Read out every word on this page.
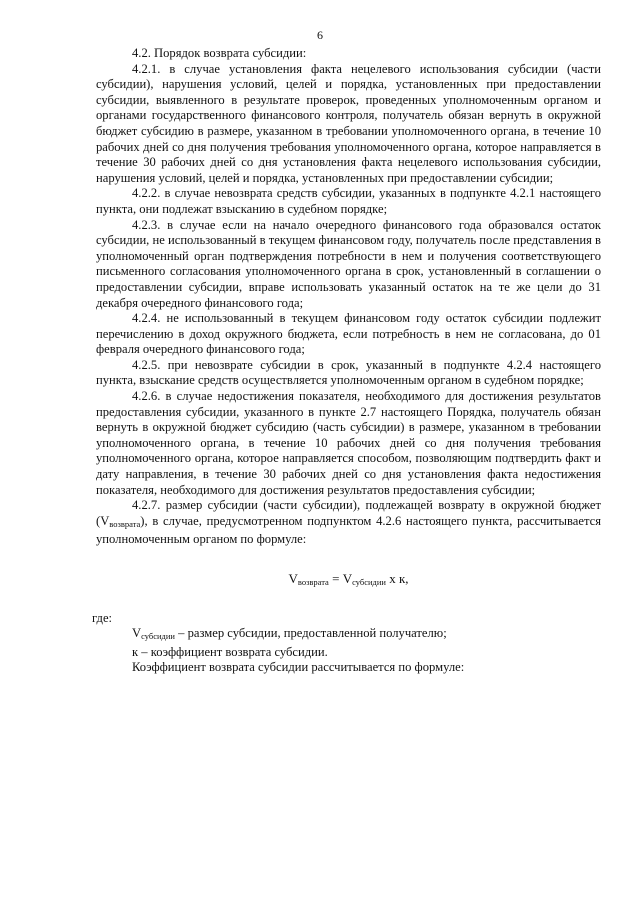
6

4.2. Порядок возврата субсидии:

4.2.1. в случае установления факта нецелевого использования субсидии (части субсидии), нарушения условий, целей и порядка, установленных при предоставлении субсидии, выявленного в результате проверок, проведенных уполномоченным органом и органами государственного финансового контроля, получатель обязан вернуть в окружной бюджет субсидию в размере, указанном в требовании уполномоченного органа, в течение 10 рабочих дней со дня получения требования уполномоченного органа, которое направляется в течение 30 рабочих дней со дня установления факта нецелевого использования субсидии, нарушения условий, целей и порядка, установленных при предоставлении субсидии;

4.2.2. в случае невозврата средств субсидии, указанных в подпункте 4.2.1 настоящего пункта, они подлежат взысканию в судебном порядке;

4.2.3. в случае если на начало очередного финансового года образовался остаток субсидии, не использованный в текущем финансовом году, получатель после представления в уполномоченный орган подтверждения потребности в нем и получения соответствующего письменного согласования уполномоченного органа в срок, установленный в соглашении о предоставлении субсидии, вправе использовать указанный остаток на те же цели до 31 декабря очередного финансового года;

4.2.4. не использованный в текущем финансовом году остаток субсидии подлежит перечислению в доход окружного бюджета, если потребность в нем не согласована, до 01 февраля очередного финансового года;

4.2.5. при невозврате субсидии в срок, указанный в подпункте 4.2.4 настоящего пункта, взыскание средств осуществляется уполномоченным органом в судебном порядке;

4.2.6. в случае недостижения показателя, необходимого для достижения результатов предоставления субсидии, указанного в пункте 2.7 настоящего Порядка, получатель обязан вернуть в окружной бюджет субсидию (часть субсидии) в размере, указанном в требовании уполномоченного органа, в течение 10 рабочих дней со дня получения требования уполномоченного органа, которое направляется способом, позволяющим подтвердить факт и дату направления, в течение 30 рабочих дней со дня установления факта недостижения показателя, необходимого для достижения результатов предоставления субсидии;

4.2.7. размер субсидии (части субсидии), подлежащей возврату в окружной бюджет (Vвозврата), в случае, предусмотренном подпунктом 4.2.6 настоящего пункта, рассчитывается уполномоченным органом по формуле:

$V_{возврата} = V_{субсидии}$ x к,

где:

Vсубсидии – размер субсидии, предоставленной получателю;

к – коэффициент возврата субсидии.

Коэффициент возврата субсидии рассчитывается по формуле:
